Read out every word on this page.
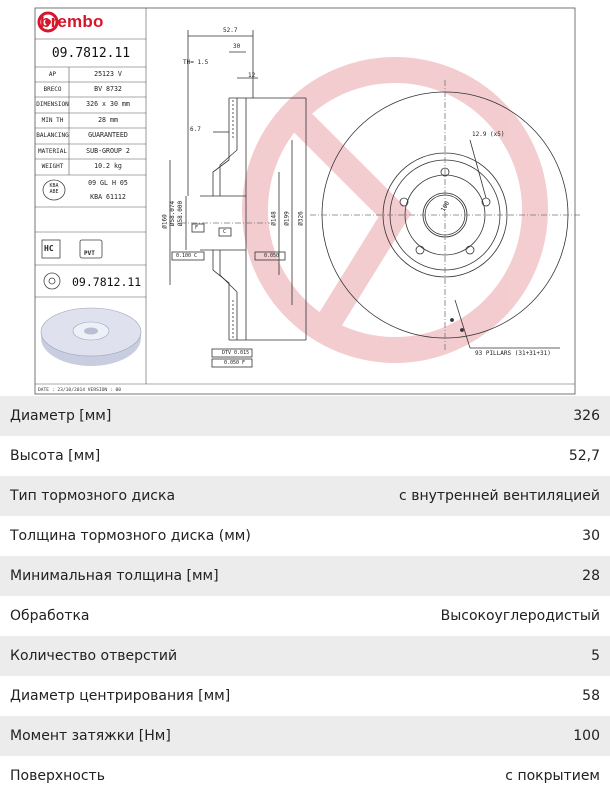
brembo
09.7812.11
AP	25123 V
BRECO	BV 8732
DIMENSION	326 x 30 mm
MIN TH	28 mm
BALANCING	GUARANTEED
MATERIAL	SUB-GROUP 2
WEIGHT	10.2 kg
09 GL H 05
KBA 61112
KBA ABE
HC
PVT
09.7812.11
52.7
30
TH= 1.5
12
6.7
Ø160 Ø58.074 Ø58.000	Ø148 Ø199 Ø326
12.9 (x5)
100
93 PILLARS (31+31+31)
0.100 C	0.050
F
C
DTV 0.015
0.050 F
DATE : 23/10/2014 VERSION : 00
Диаметр [мм]	326
Высота [мм]	52,7
Тип тормозного диска	с внутренней вентиляцией
Толщина тормозного диска (мм)	30
Минимальная толщина [мм]	28
Обработка	Высокоуглеродистый
Количество отверстий	5
Диаметр центрирования [мм]	58
Момент затяжки [Нм]	100
Поверхность	с покрытием
